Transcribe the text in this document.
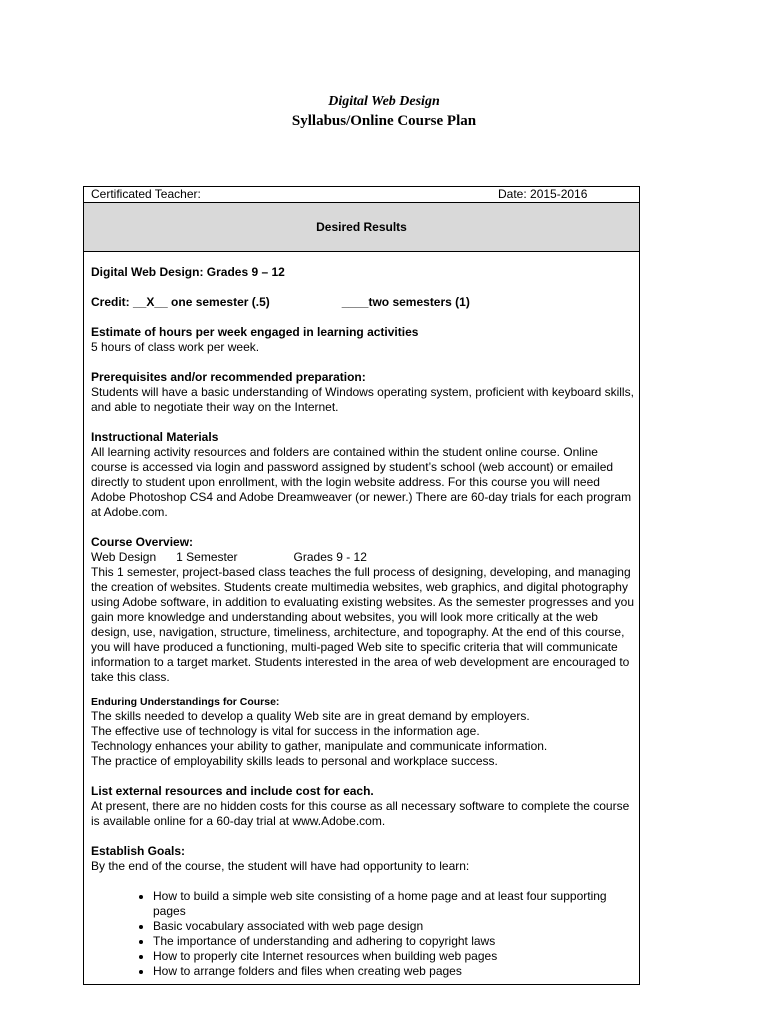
Digital Web Design
Syllabus/Online Course Plan
Certificated Teacher:	Date: 2015-2016
Desired Results

Digital Web Design: Grades 9 – 12

Credit: __X__ one semester (.5)	____two semesters (1)

Estimate of hours per week engaged in learning activities

5 hours of class work per week.

Prerequisites and/or recommended preparation:

Students will have a basic understanding of Windows operating system, proficient with keyboard skills, and able to negotiate their way on the Internet.

Instructional Materials

All learning activity resources and folders are contained within the student online course. Online course is accessed via login and password assigned by student’s school (web account) or emailed directly to student upon enrollment, with the login website address. For this course you will need Adobe Photoshop CS4 and Adobe Dreamweaver (or newer.) There are 60-day trials for each program at Adobe.com.

Course Overview:

Web Design 1 Semester	Grades 9 - 12

This 1 semester, project-based class teaches the full process of designing, developing, and managing the creation of websites. Students create multimedia websites, web graphics, and digital photography using Adobe software, in addition to evaluating existing websites. As the semester progresses and you gain more knowledge and understanding about websites, you will look more critically at the web design, use, navigation, structure, timeliness, architecture, and topography. At the end of this course, you will have produced a functioning, multi-paged Web site to specific criteria that will communicate information to a target market. Students interested in the area of web development are encouraged to take this class.

Enduring Understandings for Course:

The skills needed to develop a quality Web site are in great demand by employers.

The effective use of technology is vital for success in the information age.

Technology enhances your ability to gather, manipulate and communicate information.

The practice of employability skills leads to personal and workplace success.

List external resources and include cost for each.

At present, there are no hidden costs for this course as all necessary software to complete the course is available online for a 60-day trial at www.Adobe.com.

Establish Goals:

By the end of the course, the student will have had opportunity to learn:

• How to build a simple web site consisting of a home page and at least four supporting pages
• Basic vocabulary associated with web page design
• The importance of understanding and adhering to copyright laws
• How to properly cite Internet resources when building web pages
• How to arrange folders and files when creating web pages
